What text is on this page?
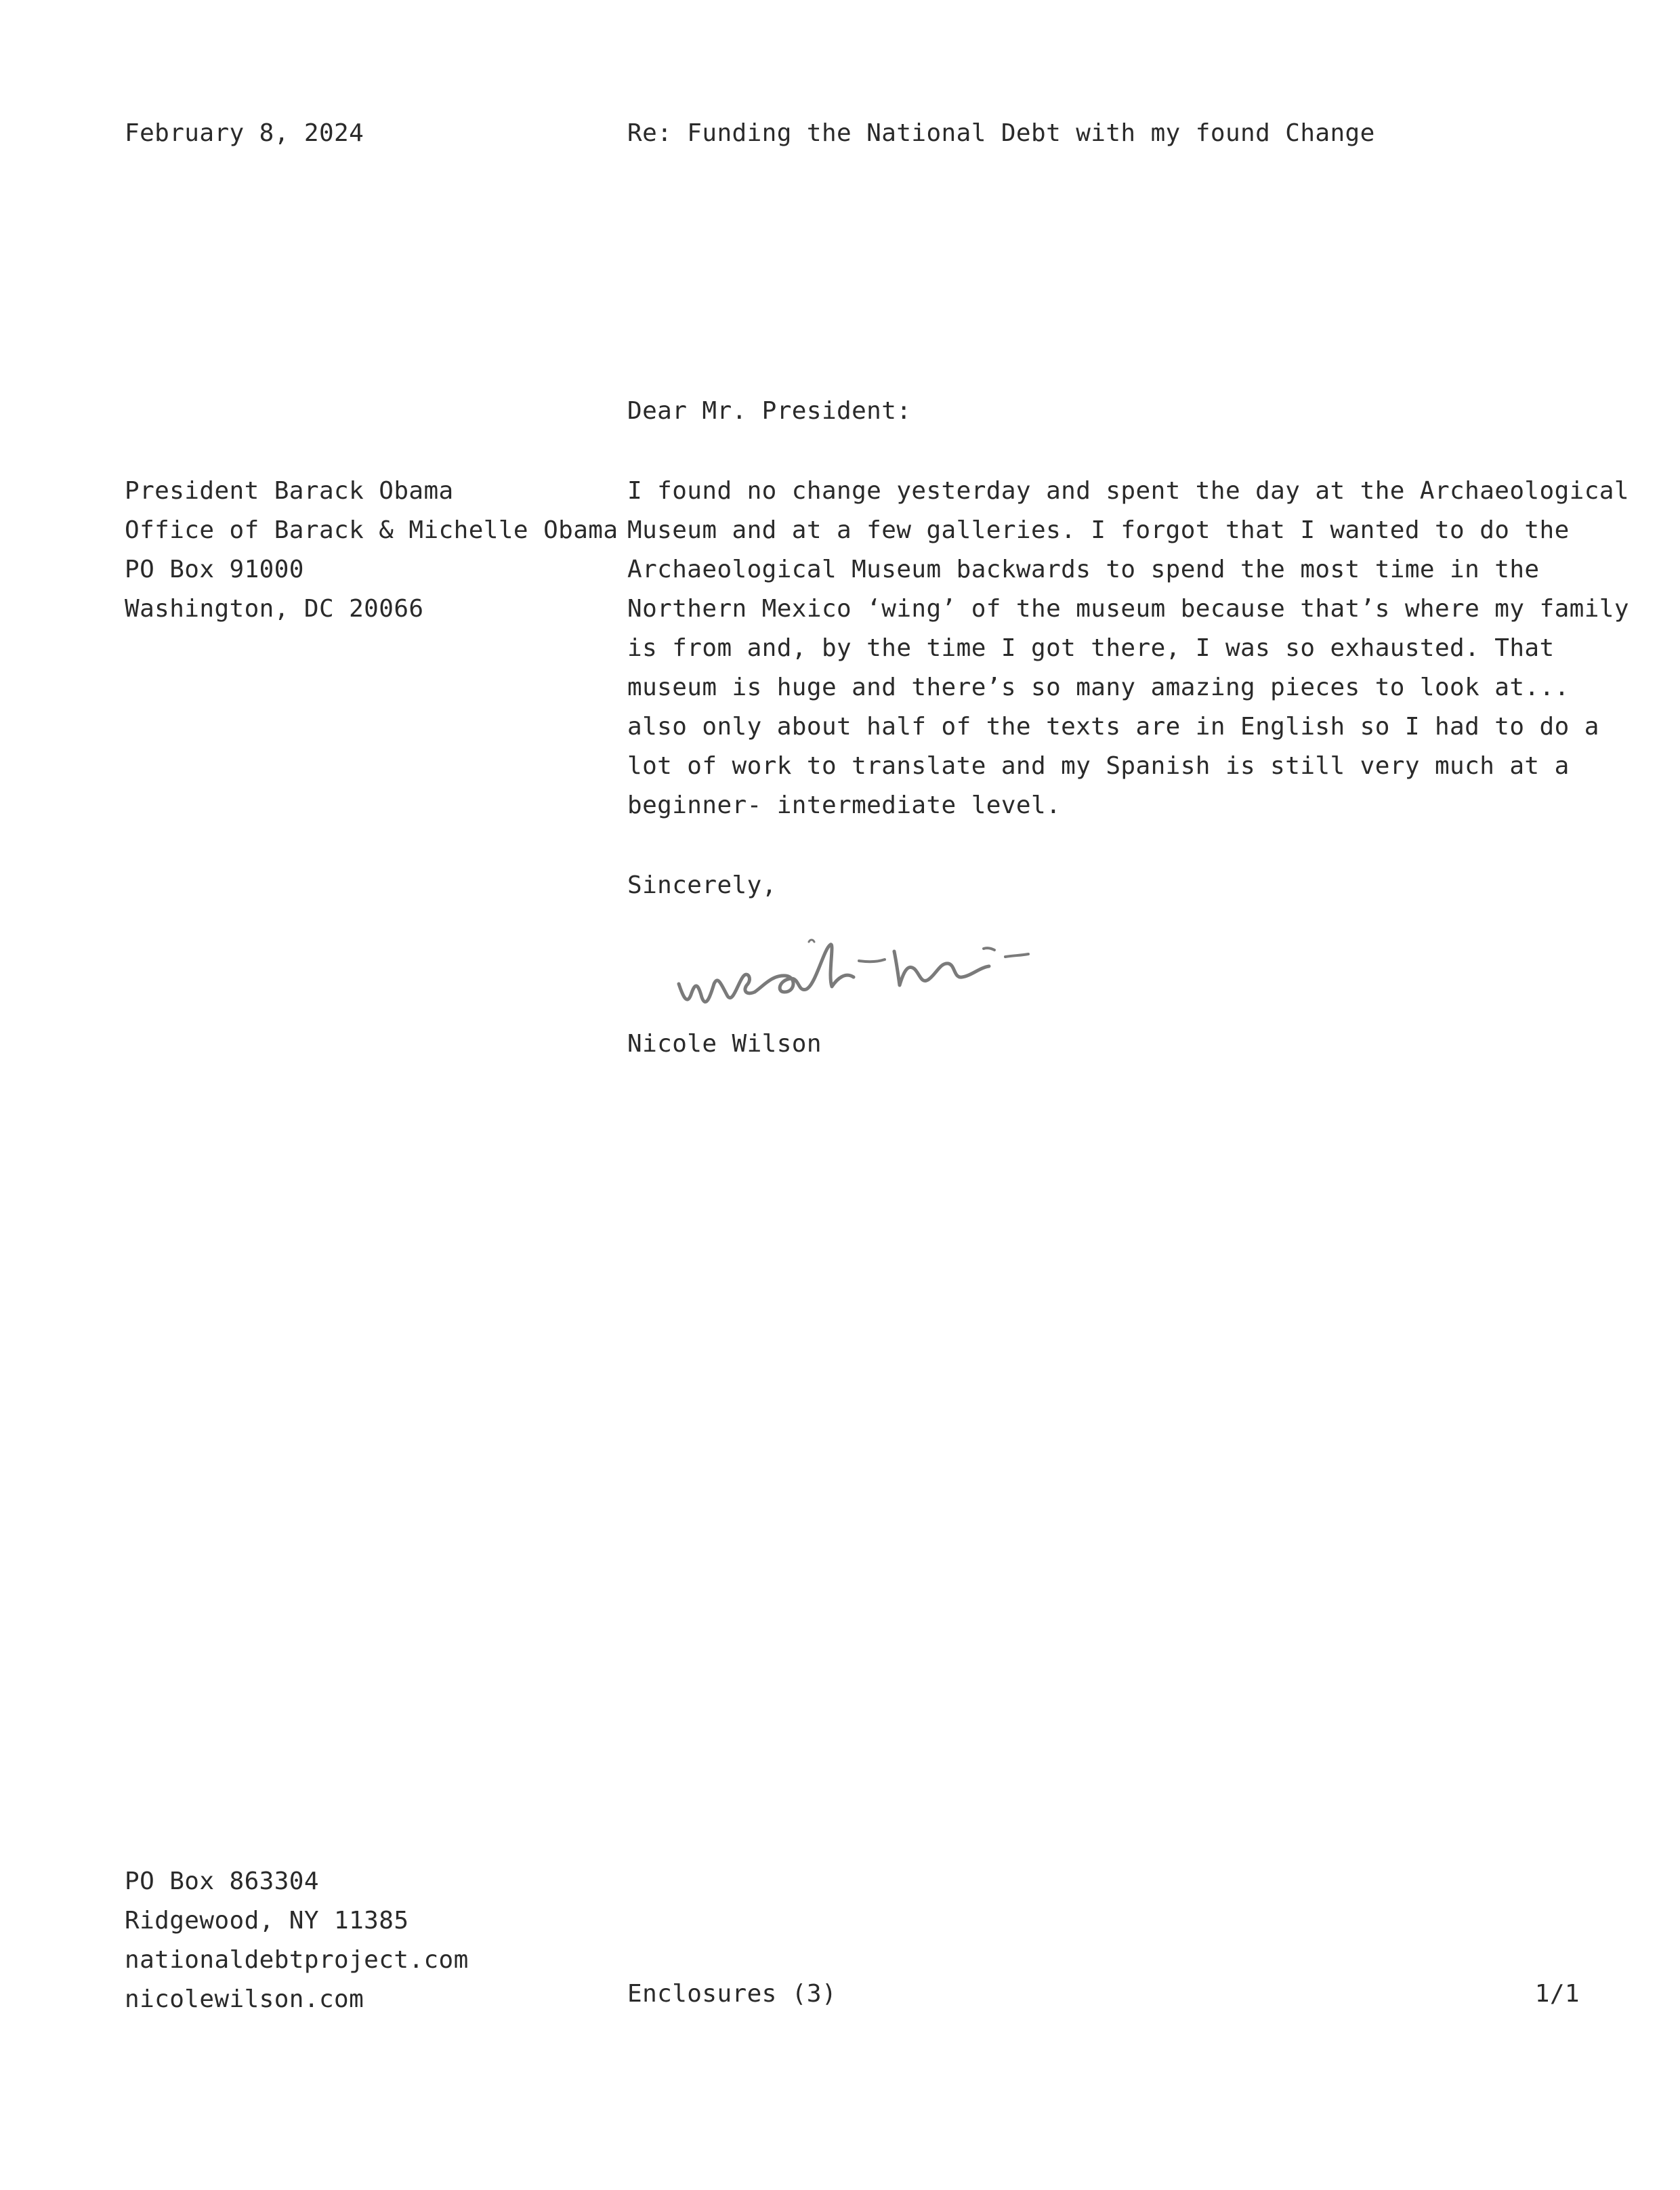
February 8, 2024	Re: Funding the National Debt with my found Change
Dear Mr. President:
President Barack Obama
Office of Barack & Michelle Obama
PO Box 91000
Washington, DC 20066
I found no change yesterday and spent the day at the Archaeological
Museum and at a few galleries. I forgot that I wanted to do the
Archaeological Museum backwards to spend the most time in the
Northern Mexico ‘wing’ of the museum because that’s where my family
is from and, by the time I got there, I was so exhausted. That
museum is huge and there’s so many amazing pieces to look at...
also only about half of the texts are in English so I had to do a
lot of work to translate and my Spanish is still very much at a
beginner- intermediate level.
Sincerely,
Nicole Wilson
PO Box 863304
Ridgewood, NY 11385
nationaldebtproject.com
nicolewilson.com	Enclosures (3)	1/1
